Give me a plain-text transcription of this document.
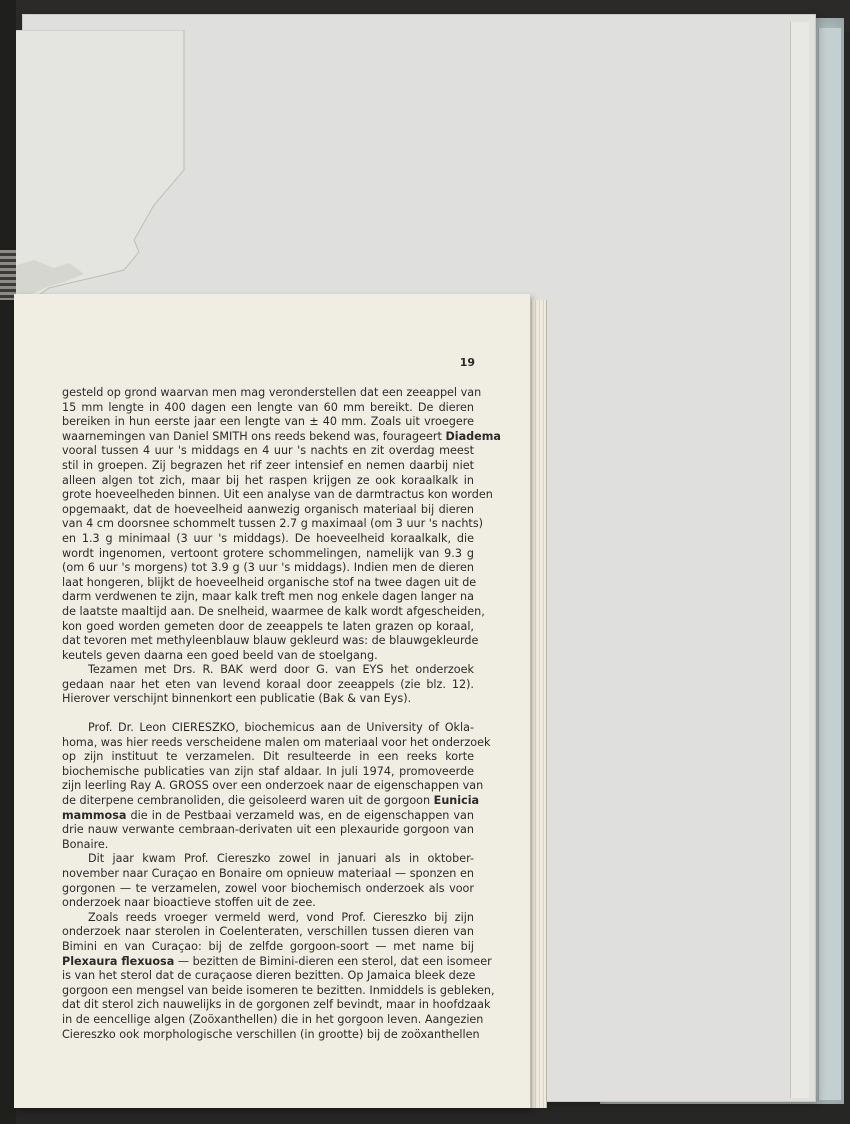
19
gesteld op grond waarvan men mag veronderstellen dat een zeeappel van
15 mm lengte in 400 dagen een lengte van 60 mm bereikt. De dieren
bereiken in hun eerste jaar een lengte van ± 40 mm. Zoals uit vroegere
waarnemingen van Daniel SMITH ons reeds bekend was, fourageert Diadema
vooral tussen 4 uur 's middags en 4 uur 's nachts en zit overdag meest
stil in groepen. Zij begrazen het rif zeer intensief en nemen daarbij niet
alleen algen tot zich, maar bij het raspen krijgen ze ook koraalkalk in
grote hoeveelheden binnen. Uit een analyse van de darmtractus kon worden
opgemaakt, dat de hoeveelheid aanwezig organisch materiaal bij dieren
van 4 cm doorsnee schommelt tussen 2.7 g maximaal (om 3 uur 's nachts)
en 1.3 g minimaal (3 uur 's middags). De hoeveelheid koraalkalk, die
wordt ingenomen, vertoont grotere schommelingen, namelijk van 9.3 g
(om 6 uur 's morgens) tot 3.9 g (3 uur 's middags). Indien men de dieren
laat hongeren, blijkt de hoeveelheid organische stof na twee dagen uit de
darm verdwenen te zijn, maar kalk treft men nog enkele dagen langer na
de laatste maaltijd aan. De snelheid, waarmee de kalk wordt afgescheiden,
kon goed worden gemeten door de zeeappels te laten grazen op koraal,
dat tevoren met methyleenblauw blauw gekleurd was: de blauwgekleurde
keutels geven daarna een goed beeld van de stoelgang.
Tezamen met Drs. R. BAK werd door G. van EYS het onderzoek
gedaan naar het eten van levend koraal door zeeappels (zie blz. 12).
Hierover verschijnt binnenkort een publicatie (Bak & van Eys).
Prof. Dr. Leon CIERESZKO, biochemicus aan de University of Okla-
homa, was hier reeds verscheidene malen om materiaal voor het onderzoek
op zijn instituut te verzamelen. Dit resulteerde in een reeks korte
biochemische publicaties van zijn staf aldaar. In juli 1974, promoveerde
zijn leerling Ray A. GROSS over een onderzoek naar de eigenschappen van
de diterpene cembranoliden, die geisoleerd waren uit de gorgoon Eunicia
mammosa die in de Pestbaai verzameld was, en de eigenschappen van
drie nauw verwante cembraan-derivaten uit een plexauride gorgoon van
Bonaire.
Dit jaar kwam Prof. Ciereszko zowel in januari als in oktober-
november naar Curaçao en Bonaire om opnieuw materiaal — sponzen en
gorgonen — te verzamelen, zowel voor biochemisch onderzoek als voor
onderzoek naar bioactieve stoffen uit de zee.
Zoals reeds vroeger vermeld werd, vond Prof. Ciereszko bij zijn
onderzoek naar sterolen in Coelenteraten, verschillen tussen dieren van
Bimini en van Curaçao: bij de zelfde gorgoon-soort — met name bij
Plexaura flexuosa — bezitten de Bimini-dieren een sterol, dat een isomeer
is van het sterol dat de curaçaose dieren bezitten. Op Jamaica bleek deze
gorgoon een mengsel van beide isomeren te bezitten. Inmiddels is gebleken,
dat dit sterol zich nauwelijks in de gorgonen zelf bevindt, maar in hoofdzaak
in de eencellige algen (Zoöxanthellen) die in het gorgoon leven. Aangezien
Ciereszko ook morphologische verschillen (in grootte) bij de zoöxanthellen
